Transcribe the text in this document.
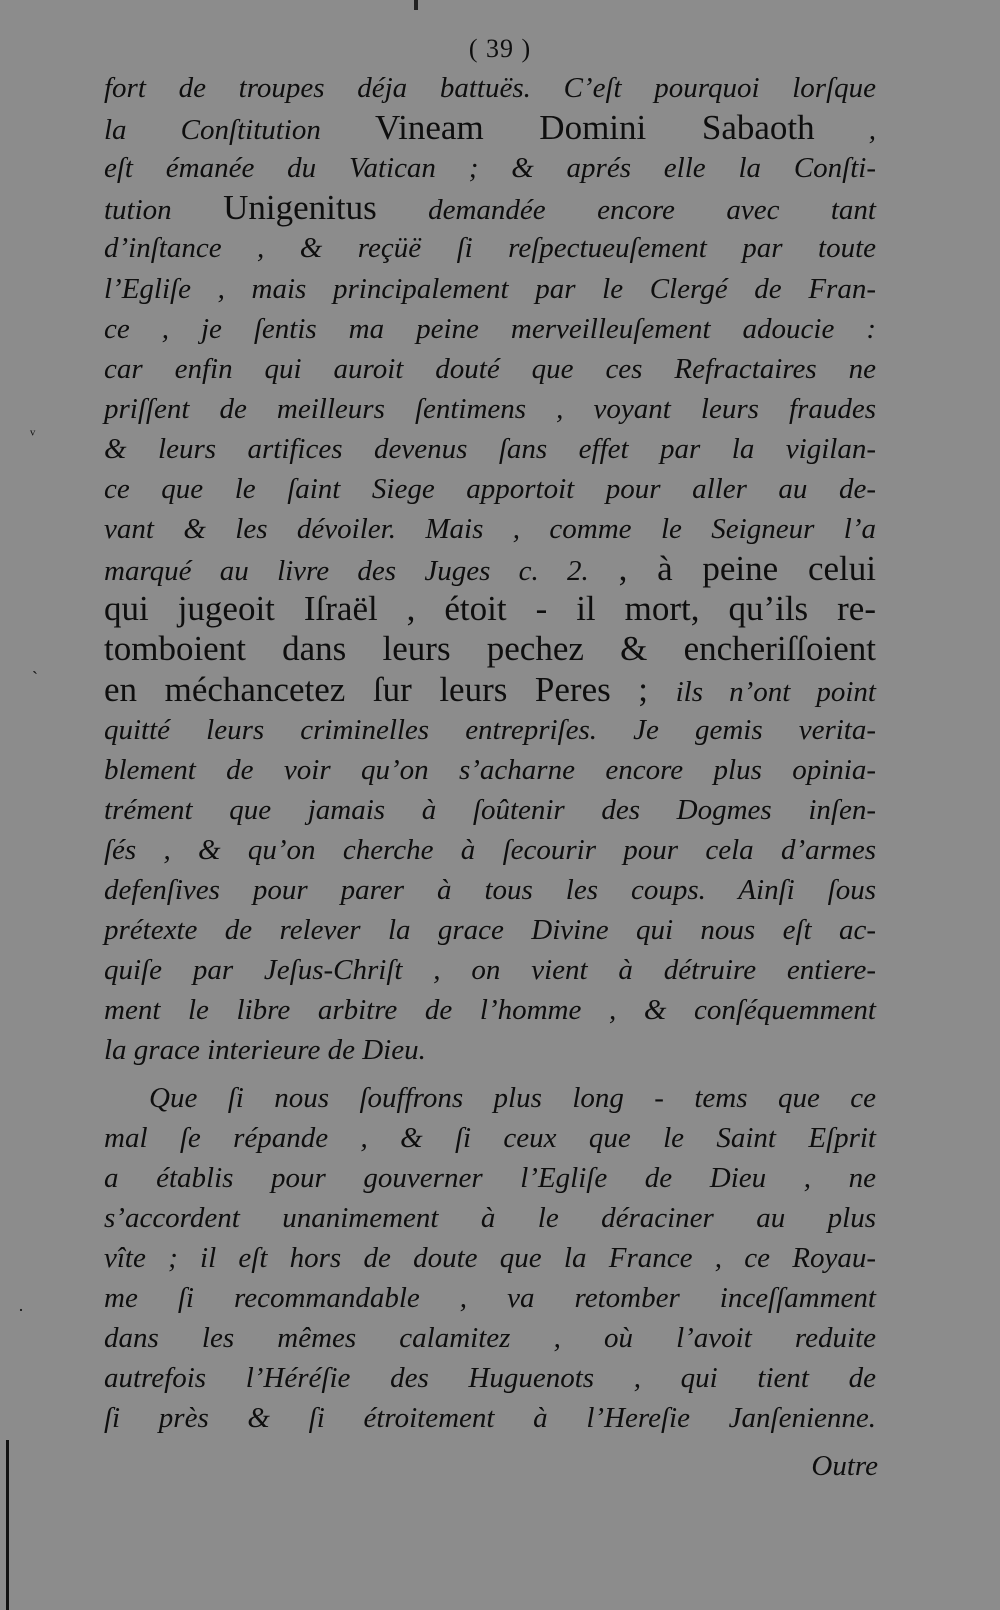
( 39 )
fort de troupes déja battuës. C’eſt pourquoi lorſque
la Conſtitution Vineam Domini Sabaoth ,
eſt émanée du Vatican ; & aprés elle la Conſti-
tution Unigenitus demandée encore avec tant
d’inſtance , & reçüë ſi reſpectueuſement par toute
l’Egliſe , mais principalement par le Clergé de Fran-
ce , je ſentis ma peine merveilleuſement adoucie :
car enfin qui auroit douté que ces Refractaires ne
priſſent de meilleurs ſentimens , voyant leurs fraudes
& leurs artifices devenus ſans effet par la vigilan-
ce que le ſaint Siege apportoit pour aller au de-
vant & les dévoiler. Mais , comme le Seigneur l’a
marqué au livre des Juges c. 2. , à peine celui
qui jugeoit Iſraël , étoit - il mort, qu’ils re-
tomboient dans leurs pechez & encheriſſoient
en méchancetez ſur leurs Peres ; ils n’ont point
quitté leurs criminelles entrepriſes. Je gemis verita-
blement de voir qu’on s’acharne encore plus opinia-
trément que jamais à ſoûtenir des Dogmes inſen-
ſés , & qu’on cherche à ſecourir pour cela d’armes
defenſives pour parer à tous les coups. Ainſi ſous
prétexte de relever la grace Divine qui nous eſt ac-
quiſe par Jeſus-Chriſt , on vient à détruire entiere-
ment le libre arbitre de l’homme , & conſéquemment
la grace interieure de Dieu.
Que ſi nous ſouffrons plus long - tems que ce
mal ſe répande , & ſi ceux que le Saint Eſprit
a établis pour gouverner l’Egliſe de Dieu , ne
s’accordent unanimement à le déraciner au plus
vîte ; il eſt hors de doute que la France , ce Royau-
me ſi recommandable , va retomber inceſſamment
dans les mêmes calamitez , où l’avoit reduite
autrefois l’Héréſie des Huguenots , qui tient de
ſi près & ſi étroitement à l’Hereſie Janſenienne.
Outre
ᵥ
ˋ
·
